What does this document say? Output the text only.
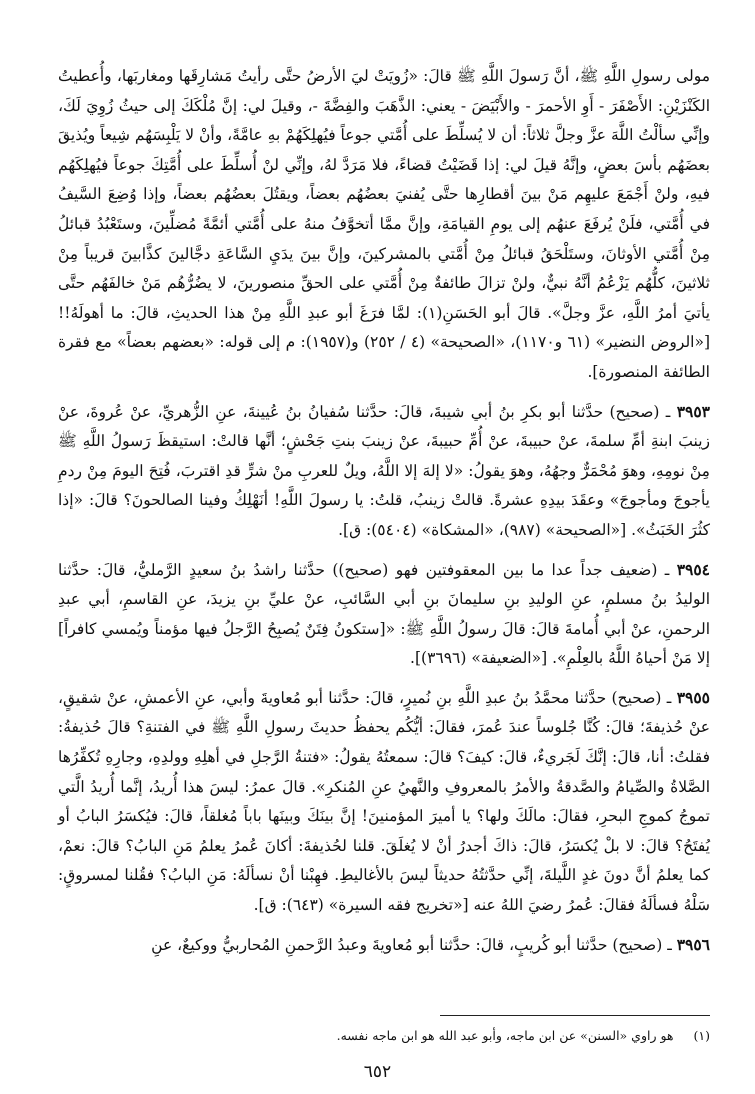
مولى رسولِ اللَّهِ ﷺ، أنَّ رَسولَ اللَّهِ ﷺ قالَ: «زُويَتْ ليَ الأرضُ حتَّى رأيتُ مَشارِقَها ومغاربَها، وأُعطيتُ الكَنْزَيْنِ: الأَصْفَرَ - أَوِ الأحمرَ - والأَبْيَضَ - يعني: الذَّهَبَ والفِضَّةَ -، وقيلَ لي: إنَّ مُلْكَكَ إلى حيثُ زُوِيَ لَكَ، وإنِّي سألْتُ اللَّهَ عزَّ وجلَّ ثلاثاً: أن لا يُسلِّطَ على أُمَّتي جوعاً فيُهلِكَهُمْ بهِ عامَّةً، وأنْ لا يَلْبِسَهُم شِيعاً ويُذيقَ بعضَهُم بأسَ بعضٍ، وإنَّهُ قيلَ لي: إذا قَضَيْتُ قضاءً، فلا مَرَدَّ لهُ، وإنِّي لنْ أُسلِّطَ على أُمَّتِكَ جوعاً فيُهلِكَهُم فيهِ، ولنْ أَجْمَعَ عليهِم مَنْ بينَ أقطارِها حتَّى يُفنيَ بعضُهُم بعضاً، ويقتُلَ بعضُهُم بعضاً، وإذا وُضِعَ السَّيفُ في أُمَّتي، فلَنْ يُرفَعَ عنهُم إلى يومِ القيامَةِ، وإنَّ ممَّا أتخوَّفُ منهُ على أُمَّتي أئمَّةً مُضلِّينَ، وستَعْبُدُ قبائلُ مِنْ أُمَّتي الأوثانَ، وستَلْحَقُ قبائلُ مِنْ أُمَّتي بالمشركينَ، وإنَّ بينَ يدَيِ السَّاعَةِ دجَّالينَ كذَّابينَ قريباً مِنْ ثلاثينَ، كلُّهُم يَزْعُمُ أنَّهُ نبيٌّ، ولنْ تزالَ طائفةٌ مِنْ أُمَّتي على الحقِّ منصورينَ، لا يضُرُّهُم مَنْ خالفَهُم حتَّى يأتيَ أمرُ اللَّهِ، عزَّ وجلَّ». قالَ أبو الحَسَنِ(١): لمَّا فرَغَ أبو عبدِ اللَّهِ مِنْ هذا الحديثِ، قالَ: ما أهولَهُ!! [«الروض النضير» (٦١ و١١٧٠)، «الصحيحة» (٤ / ٢٥٢) و(١٩٥٧): م إلى قوله: «بعضهم بعضاً» مع فقرة الطائفة المنصورة].

٣٩٥٣ ـ (صحيح) حدَّثنا أبو بكرِ بنُ أبي شيبةَ، قالَ: حدَّثنا سُفيانُ بنُ عُيينةَ، عنِ الزُّهريِّ، عنْ عُروةَ، عنْ زينبَ ابنةِ أمِّ سلمةَ، عنْ حبيبةَ، عنْ أُمِّ حبيبةَ، عنْ زينبَ بنتِ جَحْشٍ؛ أنَّها قالتْ: استيقظَ رَسولُ اللَّهِ ﷺ مِنْ نومِهِ، وهوَ مُحْمَرٌّ وجهُهُ، وهوَ يقولُ: «لا إلهَ إلا اللَّهُ، ويلٌ للعربِ منْ شرٍّ قدِ اقتربَ، فُتِحَ اليومَ مِنْ ردمِ يأجوجَ ومأجوجَ» وعقَدَ بيدِهِ عشرةً. قالتْ زينبُ، قلتُ: يا رسولَ اللَّهِ! أنَهْلِكُ وفينا الصالحونَ؟ قالَ: «إذا كثُرَ الخَبَثُ». [«الصحيحة» (٩٨٧)، «المشكاة» (٥٤٠٤): ق].

٣٩٥٤ ـ (ضعيف جداً عدا ما بين المعقوفتين فهو (صحيح)) حدَّثنا راشدُ بنُ سعيدٍ الرَّمليُّ، قالَ: حدَّثنا الوليدُ بنُ مسلمٍ، عنِ الوليدِ بنِ سليمانَ بنِ أبي السَّائبِ، عنْ عليِّ بنِ يزيدَ، عنِ القاسمِ، أبي عبدِ الرحمنِ، عنْ أبي أُمامةَ قالَ: قالَ رسولُ اللَّهِ ﷺ: «[ستكونُ فِتَنٌ يُصبِحُ الرَّجلُ فيها مؤمناً ويُمسي كافراً] إلا مَنْ أحياهُ اللَّهُ بالعِلْمِ». [«الضعيفة» (٣٦٩٦)].

٣٩٥٥ ـ (صحيح) حدَّثنا محمَّدُ بنُ عبدِ اللَّهِ بنِ نُميرٍ، قالَ: حدَّثنا أبو مُعاويةَ وأبي، عنِ الأعمشِ، عنْ شقيقٍ، عنْ حُذيفةَ؛ قالَ: كُنَّا جُلوساً عندَ عُمرَ، فقالَ: أيُّكُم يحفظُ حديثَ رسولِ اللَّهِ ﷺ في الفتنةِ؟ قالَ حُذيفةُ: فقلتُ: أنا، قالَ: إنَّكَ لَجَريءٌ، قالَ: كيفَ؟ قالَ: سمعتُهُ يقولُ: «فتنةُ الرَّجلِ في أهلِهِ وولدِهِ، وجارِهِ تُكفِّرُها الصَّلاةُ والصِّيامُ والصَّدقةُ والأمرُ بالمعروفِ والنَّهيُ عنِ المُنكرِ». قالَ عمرُ: ليسَ هذا أُريدُ، إنَّما أُريدُ الَّتي تموجُ كموجِ البحرِ، فقالَ: مالَكَ ولها؟ يا أميرَ المؤمنينَ! إنَّ بينَكَ وبينَها باباً مُغلقاً، قالَ: فيُكسَرُ البابُ أو يُفتَحُ؟ قالَ: لا بلْ يُكسَرُ، قالَ: ذاكَ أجدرُ أنْ لا يُغلَقَ. قلنا لحُذيفةَ: أكانَ عُمرُ يعلمُ مَنِ البابُ؟ قالَ: نعمْ، كما يعلمُ أنَّ دونَ غدٍ اللَّيلةَ، إنِّي حدَّثتُهُ حديثاً ليسَ بالأغاليطِ. فهِبْنا أنْ نسألَهُ: مَنِ البابُ؟ فقُلنا لمسروقٍ: سَلْهُ فسألَهُ فقالَ: عُمرُ رضيَ اللهُ عنه [«تخريج فقه السيرة» (٦٤٣): ق].

٣٩٥٦ ـ (صحيح) حدَّثنا أبو كُريبٍ، قالَ: حدَّثنا أبو مُعاويةَ وعبدُ الرَّحمنِ المُحاربيُّ ووكيعٌ، عنِ

(١) هو راوي «السنن» عن ابن ماجه، وأبو عبد الله هو ابن ماجه نفسه.
٦٥٢
